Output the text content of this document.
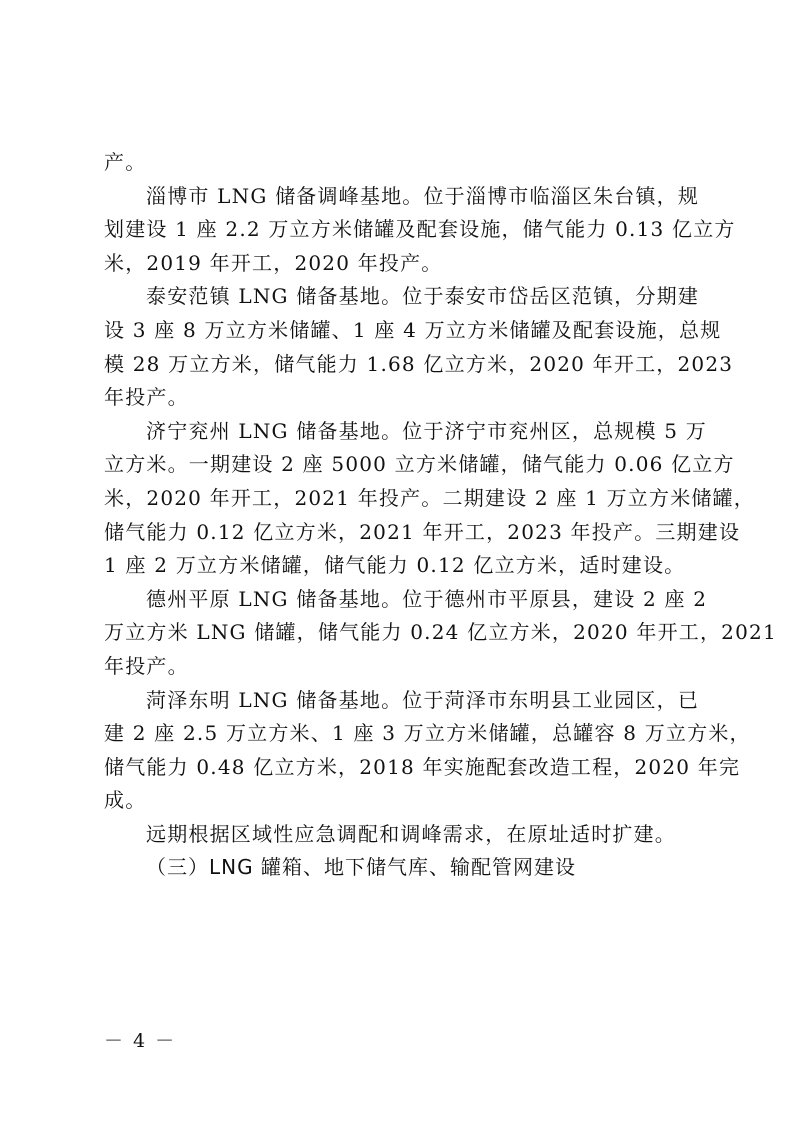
产。
淄博市 LNG 储备调峰基地。位于淄博市临淄区朱台镇，规
划建设 1 座 2.2 万立方米储罐及配套设施，储气能力 0.13 亿立方
米，2019 年开工，2020 年投产。
泰安范镇 LNG 储备基地。位于泰安市岱岳区范镇，分期建
设 3 座 8 万立方米储罐、1 座 4 万立方米储罐及配套设施，总规
模 28 万立方米，储气能力 1.68 亿立方米，2020 年开工，2023
年投产。
济宁兖州 LNG 储备基地。位于济宁市兖州区，总规模 5 万
立方米。一期建设 2 座 5000 立方米储罐，储气能力 0.06 亿立方
米，2020 年开工，2021 年投产。二期建设 2 座 1 万立方米储罐，
储气能力 0.12 亿立方米，2021 年开工，2023 年投产。三期建设
1 座 2 万立方米储罐，储气能力 0.12 亿立方米，适时建设。
德州平原 LNG 储备基地。位于德州市平原县，建设 2 座 2
万立方米 LNG 储罐，储气能力 0.24 亿立方米，2020 年开工，2021
年投产。
菏泽东明 LNG 储备基地。位于菏泽市东明县工业园区，已
建 2 座 2.5 万立方米、1 座 3 万立方米储罐，总罐容 8 万立方米，
储气能力 0.48 亿立方米，2018 年实施配套改造工程，2020 年完
成。
远期根据区域性应急调配和调峰需求，在原址适时扩建。
（三）LNG 罐箱、地下储气库、输配管网建设
－ 4 －
